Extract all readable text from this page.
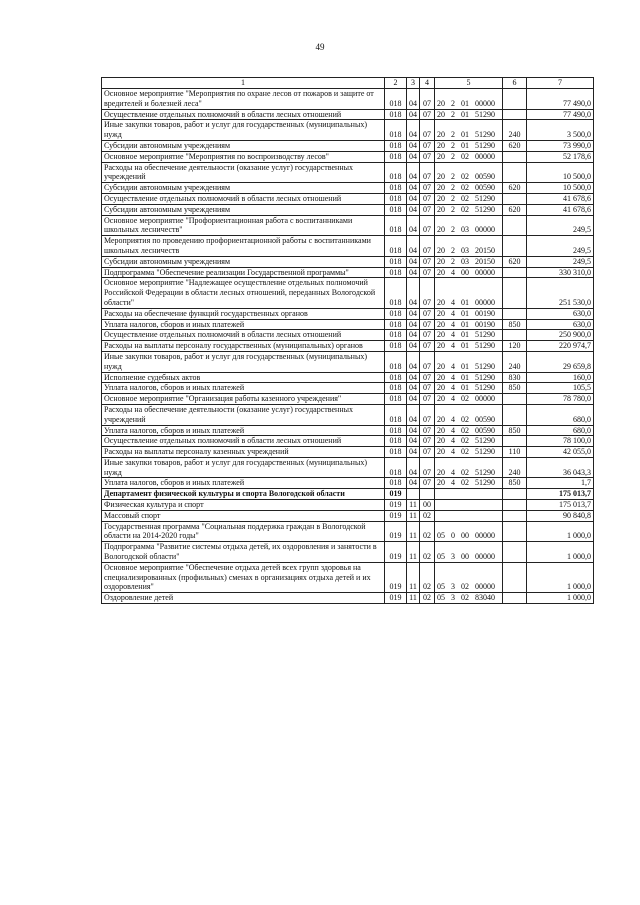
49
1	2	3	4	5	6	7
Основное мероприятие "Мероприятия по охране лесов от пожаров и защите от вредителей и болезней леса"	018	04	07	20  2  01  00000		77 490,0
Осуществление отдельных полномочий в области лесных отношений	018	04	07	20  2  01  51290		77 490,0
Иные закупки товаров, работ и услуг для государственных (муниципальных) нужд	018	04	07	20  2  01  51290	240	3 500,0
Субсидии автономным учреждениям	018	04	07	20  2  01  51290	620	73 990,0
Основное мероприятие "Мероприятия по воспроизводству лесов"	018	04	07	20  2  02  00000		52 178,6
Расходы на обеспечение деятельности (оказание услуг) государственных учреждений	018	04	07	20  2  02  00590		10 500,0
Субсидии автономным учреждениям	018	04	07	20  2  02  00590	620	10 500,0
Осуществление отдельных полномочий в области лесных отношений	018	04	07	20  2  02  51290		41 678,6
Субсидии автономным учреждениям	018	04	07	20  2  02  51290	620	41 678,6
Основное мероприятие "Профориентационная работа с воспитанниками школьных лесничеств"	018	04	07	20  2  03  00000		249,5
Мероприятия по проведению профориентационной работы с воспитанниками школьных лесничеств	018	04	07	20  2  03  20150		249,5
Субсидии автономным учреждениям	018	04	07	20  2  03  20150	620	249,5
Подпрограмма "Обеспечение реализации Государственной программы"	018	04	07	20  4  00  00000		330 310,0
Основное мероприятие "Надлежащее осуществление отдельных полномочий Российской Федерации в области лесных отношений, переданных Вологодской области"	018	04	07	20  4  01  00000		251 530,0
Расходы на обеспечение функций государственных органов	018	04	07	20  4  01  00190		630,0
Уплата налогов, сборов и иных платежей	018	04	07	20  4  01  00190	850	630,0
Осуществление отдельных полномочий в области лесных отношений	018	04	07	20  4  01  51290		250 900,0
Расходы на выплаты персоналу государственных (муниципальных) органов	018	04	07	20  4  01  51290	120	220 974,7
Иные закупки товаров, работ и услуг для государственных (муниципальных) нужд	018	04	07	20  4  01  51290	240	29 659,8
Исполнение судебных актов	018	04	07	20  4  01  51290	830	160,0
Уплата налогов, сборов и иных платежей	018	04	07	20  4  01  51290	850	105,5
Основное мероприятие "Организация работы казенного учреждения"	018	04	07	20  4  02  00000		78 780,0
Расходы на обеспечение деятельности (оказание услуг) государственных учреждений	018	04	07	20  4  02  00590		680,0
Уплата налогов, сборов и иных платежей	018	04	07	20  4  02  00590	850	680,0
Осуществление отдельных полномочий в области лесных отношений	018	04	07	20  4  02  51290		78 100,0
Расходы на выплаты персоналу казенных учреждений	018	04	07	20  4  02  51290	110	42 055,0
Иные закупки товаров, работ и услуг для государственных (муниципальных) нужд	018	04	07	20  4  02  51290	240	36 043,3
Уплата налогов, сборов и иных платежей	018	04	07	20  4  02  51290	850	1,7
Департамент физической культуры и спорта Вологодской области	019					175 013,7
Физическая культура и спорт	019	11	00			175 013,7
Массовый спорт	019	11	02			90 840,8
Государственная программа "Социальная поддержка граждан в Вологодской области на 2014-2020 годы"	019	11	02	05  0  00  00000		1 000,0
Подпрограмма "Развитие системы отдыха детей, их оздоровления и занятости в Вологодской области"	019	11	02	05  3  00  00000		1 000,0
Основное мероприятие "Обеспечение отдыха детей всех групп здоровья на специализированных (профильных) сменах в организациях отдыха детей и их оздоровления"	019	11	02	05  3  02  00000		1 000,0
Оздоровление детей	019	11	02	05  3  02  83040		1 000,0
